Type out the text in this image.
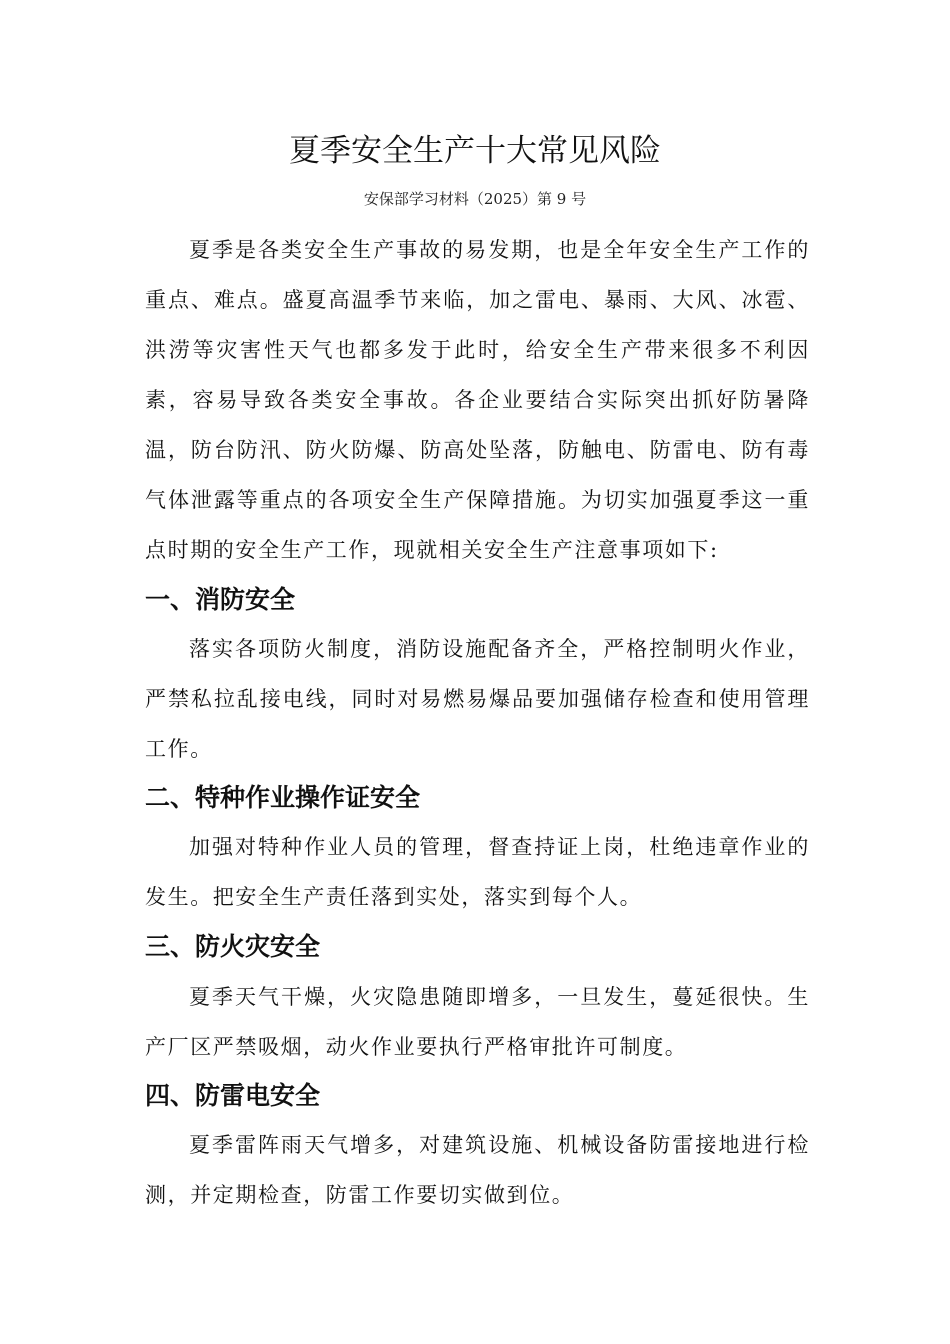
夏季安全生产十大常见风险
安保部学习材料（2025）第 9 号

夏季是各类安全生产事故的易发期，也是全年安全生产工作的重点、难点。盛夏高温季节来临，加之雷电、暴雨、大风、冰雹、洪涝等灾害性天气也都多发于此时，给安全生产带来很多不利因素，容易导致各类安全事故。各企业要结合实际突出抓好防暑降温，防台防汛、防火防爆、防高处坠落，防触电、防雷电、防有毒气体泄露等重点的各项安全生产保障措施。为切实加强夏季这一重点时期的安全生产工作，现就相关安全生产注意事项如下:

一、消防安全

落实各项防火制度，消防设施配备齐全，严格控制明火作业，严禁私拉乱接电线，同时对易燃易爆品要加强储存检查和使用管理工作。

二、特种作业操作证安全

加强对特种作业人员的管理，督查持证上岗，杜绝违章作业的发生。把安全生产责任落到实处，落实到每个人。

三、防火灾安全

夏季天气干燥，火灾隐患随即增多，一旦发生，蔓延很快。生产厂区严禁吸烟，动火作业要执行严格审批许可制度。

四、防雷电安全

夏季雷阵雨天气增多，对建筑设施、机械设备防雷接地进行检测，并定期检查，防雷工作要切实做到位。
